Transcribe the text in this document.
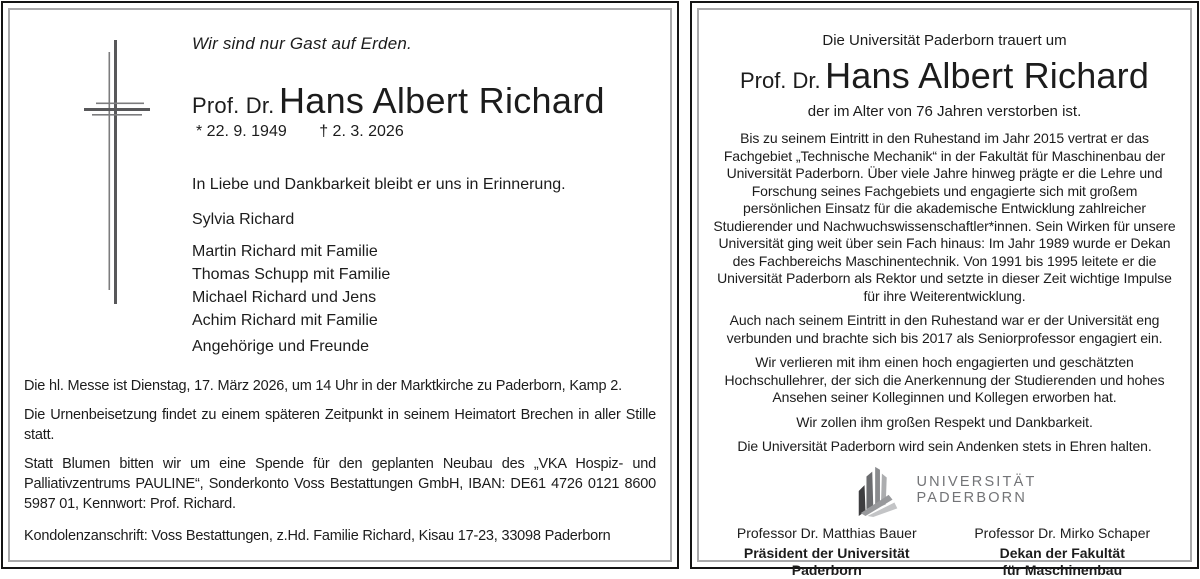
Wir sind nur Gast auf Erden.
Prof. Dr. Hans Albert Richard
* 22. 9. 1949 † 2. 3. 2026
In Liebe und Dankbarkeit bleibt er uns in Erinnerung.
Sylvia Richard
Martin Richard mit Familie
Thomas Schupp mit Familie
Michael Richard und Jens
Achim Richard mit Familie
Angehörige und Freunde

Die hl. Messe ist Dienstag, 17. März 2026, um 14 Uhr in der Marktkirche zu Paderborn, Kamp 2.

Die Urnenbeisetzung findet zu einem späteren Zeitpunkt in seinem Heimatort Brechen in aller Stille statt.

Statt Blumen bitten wir um eine Spende für den geplanten Neubau des „VKA Hospiz- und Palliativzentrums PAULINE“, Sonderkonto Voss Bestattungen GmbH, IBAN: DE61 4726 0121 8600 5987 01, Kennwort: Prof. Richard.

Kondolenzanschrift: Voss Bestattungen, z.Hd. Familie Richard, Kisau 17-23, 33098 Paderborn

Die Universität Paderborn trauert um
Prof. Dr. Hans Albert Richard
der im Alter von 76 Jahren verstorben ist.

Bis zu seinem Eintritt in den Ruhestand im Jahr 2015 vertrat er das Fachgebiet „Technische Mechanik“ in der Fakultät für Maschinenbau der Universität Paderborn. Über viele Jahre hinweg prägte er die Lehre und Forschung seines Fachgebiets und engagierte sich mit großem persönlichen Einsatz für die akademische Entwicklung zahlreicher Studierender und Nachwuchswissenschaftler*innen. Sein Wirken für unsere Universität ging weit über sein Fach hinaus: Im Jahr 1989 wurde er Dekan des Fachbereichs Maschinentechnik. Von 1991 bis 1995 leitete er die Universität Paderborn als Rektor und setzte in dieser Zeit wichtige Impulse für ihre Weiterentwicklung.

Auch nach seinem Eintritt in den Ruhestand war er der Universität eng verbunden und brachte sich bis 2017 als Seniorprofessor engagiert ein.

Wir verlieren mit ihm einen hoch engagierten und geschätzten Hochschullehrer, der sich die Anerkennung der Studierenden und hohes Ansehen seiner Kolleginnen und Kollegen erworben hat.

Wir zollen ihm großen Respekt und Dankbarkeit.

Die Universität Paderborn wird sein Andenken stets in Ehren halten.

UNIVERSITÄT
PADERBORN
Professor Dr. Matthias Bauer
Präsident der Universität
Paderborn
Professor Dr. Mirko Schaper
Dekan der Fakultät
für Maschinenbau
